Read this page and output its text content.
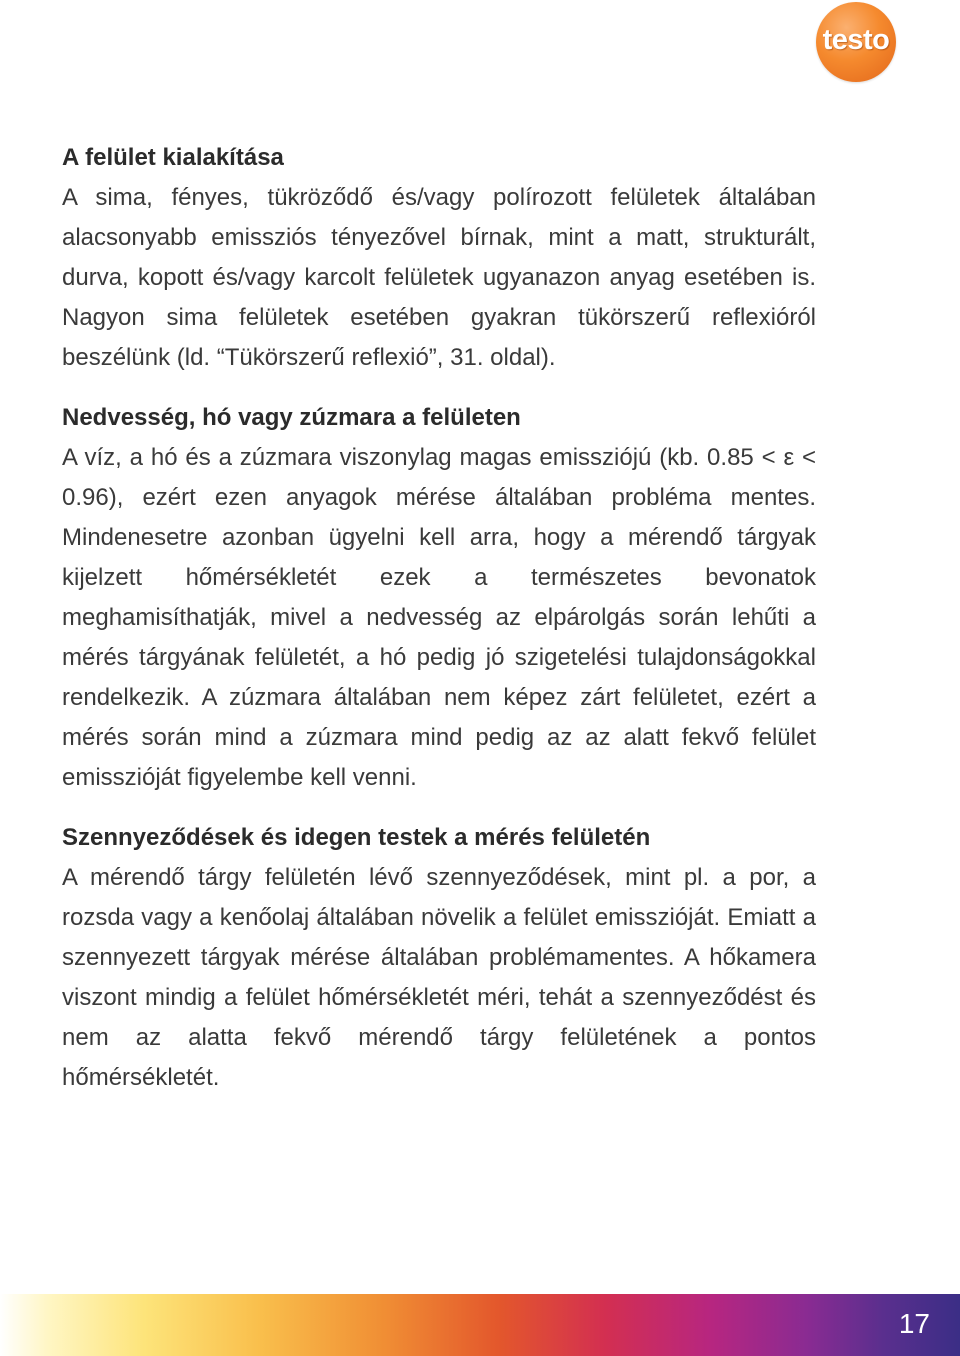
testo
A felület kialakítása

A sima, fényes, tükröződő és/vagy polírozott felületek általában alacsonyabb emissziós tényezővel bírnak, mint a matt, strukturált, durva, kopott és/vagy karcolt felületek ugyanazon anyag esetében is. Nagyon sima felületek esetében gyakran tükörszerű reflexióról beszélünk (ld. “Tükörszerű reflexió”, 31. oldal).

Nedvesség, hó vagy zúzmara a felületen

A víz, a hó és a zúzmara viszonylag magas emissziójú (kb. 0.85 < ε < 0.96), ezért ezen anyagok mérése általában probléma mentes. Mindenesetre azonban ügyelni kell arra, hogy a mérendő tárgyak kijelzett hőmérsékletét ezek a természetes bevonatok meghamisíthatják, mivel a nedvesség az elpárolgás során lehűti a mérés tárgyának felületét, a hó pedig jó szigetelési tulajdonságokkal rendelkezik. A zúzmara általában nem képez zárt felületet, ezért a mérés során mind a zúzmara mind pedig az az alatt fekvő felület emisszióját figyelembe kell venni.

Szennyeződések és idegen testek a mérés felületén

A mérendő tárgy felületén lévő szennyeződések, mint pl. a por, a rozsda vagy a kenőolaj általában növelik a felület emisszióját. Emiatt a szennyezett tárgyak mérése általában problémamentes. A hőkamera viszont mindig a felület hőmérsékletét méri, tehát a szennyeződést és nem az alatta fekvő mérendő tárgy felületének a pontos hőmérsékletét.

17
